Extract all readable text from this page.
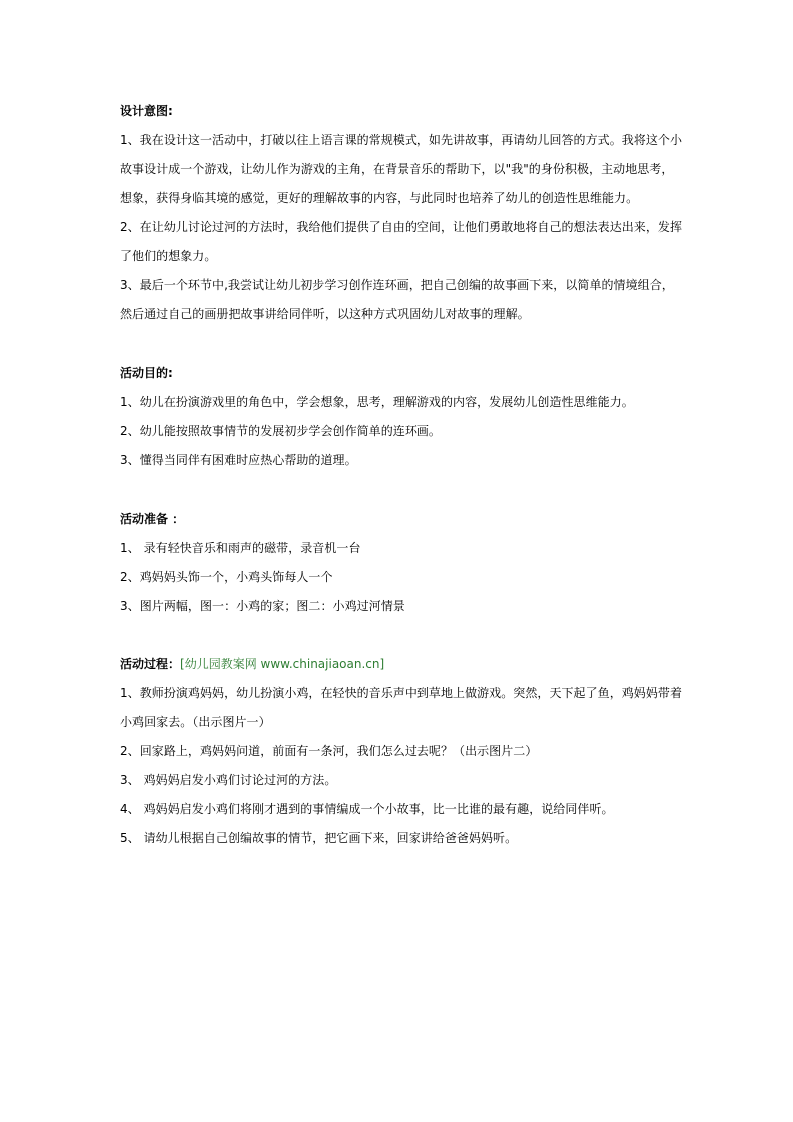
设计意图:
1、我在设计这一活动中，打破以往上语言课的常规模式，如先讲故事，再请幼儿回答的方式。我将这个小
故事设计成一个游戏，让幼儿作为游戏的主角，在背景音乐的帮助下，以"我"的身份积极，主动地思考，
想象，获得身临其境的感觉，更好的理解故事的内容，与此同时也培养了幼儿的创造性思维能力。
2、在让幼儿讨论过河的方法时，我给他们提供了自由的空间，让他们勇敢地将自己的想法表达出来，发挥
了他们的想象力。
3、最后一个环节中,我尝试让幼儿初步学习创作连环画，把自己创编的故事画下来，以简单的情境组合，
然后通过自己的画册把故事讲给同伴听，以这种方式巩固幼儿对故事的理解。
活动目的:
1、幼儿在扮演游戏里的角色中，学会想象，思考，理解游戏的内容，发展幼儿创造性思维能力。
2、幼儿能按照故事情节的发展初步学会创作简单的连环画。
3、懂得当同伴有困难时应热心帮助的道理。
活动准备 ：
1、 录有轻快音乐和雨声的磁带，录音机一台
2、鸡妈妈头饰一个，小鸡头饰每人一个
3、图片两幅，图一：小鸡的家；图二：小鸡过河情景
活动过程：[幼儿园教案网 www.chinajiaoan.cn]
1、教师扮演鸡妈妈，幼儿扮演小鸡，在轻快的音乐声中到草地上做游戏。突然，天下起了鱼，鸡妈妈带着
小鸡回家去。（出示图片一）
2、回家路上，鸡妈妈问道，前面有一条河，我们怎么过去呢？（出示图片二）
3、 鸡妈妈启发小鸡们讨论过河的方法。
4、 鸡妈妈启发小鸡们将刚才遇到的事情编成一个小故事，比一比谁的最有趣，说给同伴听。
5、 请幼儿根据自己创编故事的情节，把它画下来，回家讲给爸爸妈妈听。
